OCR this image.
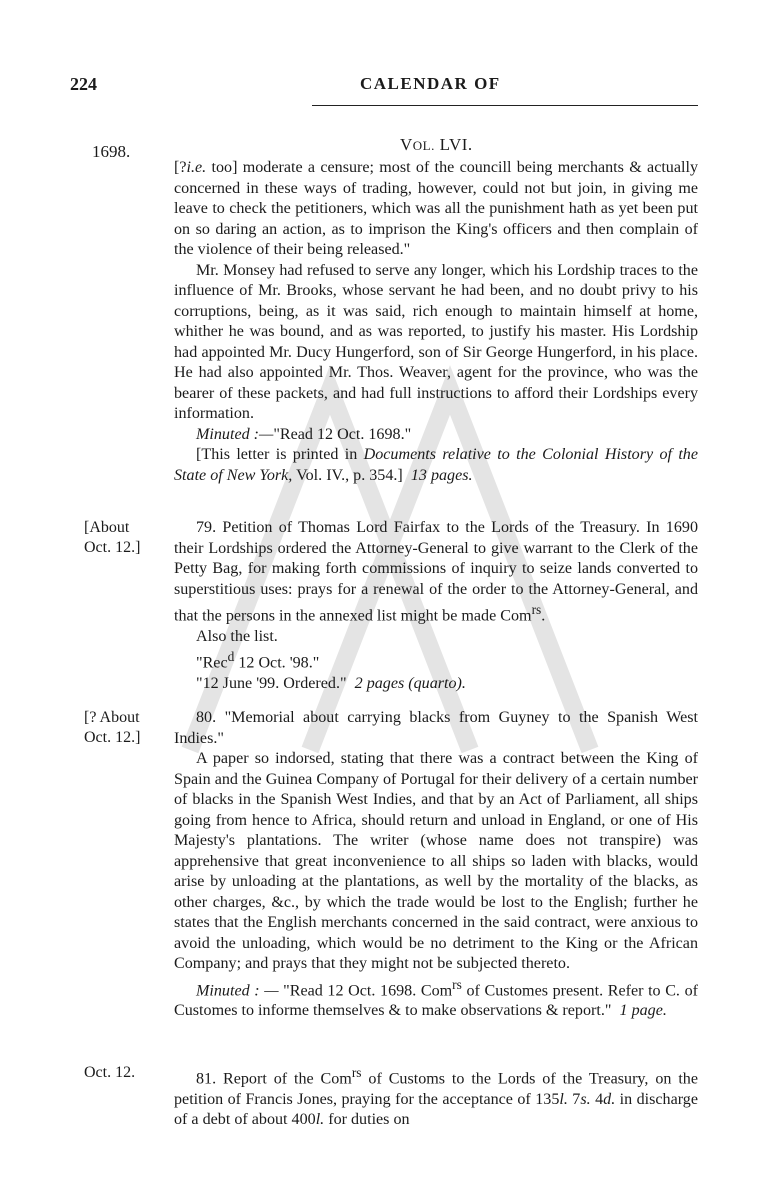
224	CALENDAR OF
VOL. LVI.
1698.

[?i.e. too] moderate a censure; most of the councill being merchants & actually concerned in these ways of trading, however, could not but join, in giving me leave to check the petitioners, which was all the punishment hath as yet been put on so daring an action, as to imprison the King's officers and then complain of the violence of their being released."

Mr. Monsey had refused to serve any longer, which his Lordship traces to the influence of Mr. Brooks, whose servant he had been, and no doubt privy to his corruptions, being, as it was said, rich enough to maintain himself at home, whither he was bound, and as was reported, to justify his master. His Lordship had appointed Mr. Ducy Hungerford, son of Sir George Hungerford, in his place. He had also appointed Mr. Thos. Weaver, agent for the province, who was the bearer of these packets, and had full instructions to afford their Lordships every information.

Minuted :—"Read 12 Oct. 1698."

[This letter is printed in Documents relative to the Colonial History of the State of New York, Vol. IV., p. 354.] 13 pages.

[About
Oct. 12.]

79. Petition of Thomas Lord Fairfax to the Lords of the Treasury. In 1690 their Lordships ordered the Attorney-General to give warrant to the Clerk of the Petty Bag, for making forth commissions of inquiry to seize lands converted to superstitious uses: prays for a renewal of the order to the Attorney-General, and that the persons in the annexed list might be made Com$^{rs}$.

Also the list.

"Rec$^d$ 12 Oct. '98."

"12 June '99. Ordered." 2 pages (quarto).

[? About
Oct. 12.]

80. "Memorial about carrying blacks from Guyney to the Spanish West Indies."

A paper so indorsed, stating that there was a contract between the King of Spain and the Guinea Company of Portugal for their delivery of a certain number of blacks in the Spanish West Indies, and that by an Act of Parliament, all ships going from hence to Africa, should return and unload in England, or one of His Majesty's plantations. The writer (whose name does not transpire) was apprehensive that great inconvenience to all ships so laden with blacks, would arise by unloading at the plantations, as well by the mortality of the blacks, as other charges, &c., by which the trade would be lost to the English; further he states that the English merchants concerned in the said contract, were anxious to avoid the unloading, which would be no detriment to the King or the African Company; and prays that they might not be subjected thereto.

Minuted : — "Read 12 Oct. 1698. Com$^{rs}$ of Customes present. Refer to C. of Customes to informe themselves & to make observations & report." 1 page.

Oct. 12.	81. Report of the Com$^{rs}$ of Customs to the Lords of the Treasury, on the petition of Francis Jones, praying for the acceptance of 135l. 7s. 4d. in discharge of a debt of about 400l. for duties on
